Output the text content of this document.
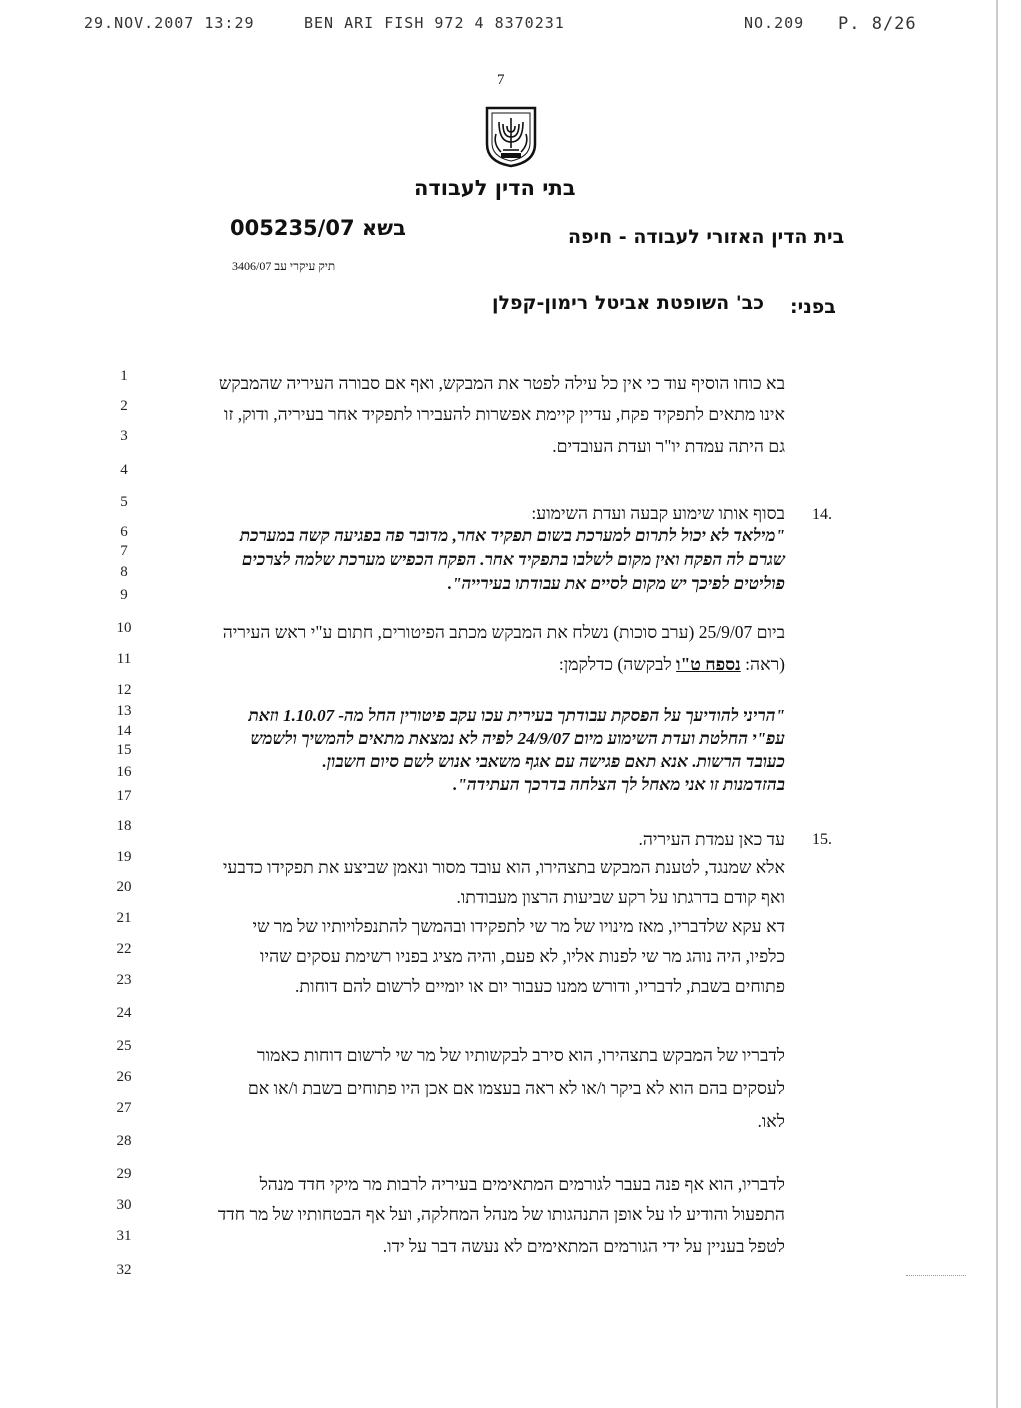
29.NOV.2007 13:29	BEN ARI FISH 972 4 8370231	NO.209 P. 8/26
7
בתי הדין לעבודה
בית הדין האזורי לעבודה - חיפה
בשא 005235/07
תיק עיקרי עב 3406/07
בפני:
כב' השופטת אביטל רימון-קפלן
1
2
3
4
5
6
7
8
9
10
11
12
13
14
15
16
17
18
19
20
21
22
23
24
25
26
27
28
29
30
31
32
14.
15.
בא כוחו הוסיף עוד כי אין כל עילה לפטר את המבקש, ואף אם סבורה העיריה שהמבקש
אינו מתאים לתפקיד פקח, עדיין קיימת אפשרות להעבירו לתפקיד אחר בעיריה, ודוק, זו
גם היתה עמדת יו"ר ועדת העובדים.
בסוף אותו שימוע קבעה ועדת השימוע:
"מילאד לא יכול לתרום למערכת בשום תפקיד אחר, מדובר פה בפגיעה קשה במערכת
שגרם לה הפקח ואין מקום לשלבו בתפקיד אחר. הפקח הכפיש מערכת שלמה לצרכים
פוליטים לפיכך יש מקום לסיים את עבודתו בעירייה".
ביום 25/9/07 (ערב סוכות) נשלח את המבקש מכתב הפיטורים, חתום ע"י ראש העיריה
(ראה: נספח ט"ו לבקשה) כדלקמן:
"הריני להודיעך על הפסקת עבודתך בעירית עכו עקב פיטורין החל מה- 1.10.07 וזאת
עפ"י החלטת ועדת השימוע מיום 24/9/07 לפיה לא נמצאת מתאים להמשיך ולשמש
כעובד הרשות. אנא תאם פגישה עם אגף משאבי אנוש לשם סיום חשבון.
בהזדמנות זו אני מאחל לך הצלחה בדרכך העתידה".
עד כאן עמדת העיריה.
אלא שמנגד, לטענת המבקש בתצהירו, הוא עובד מסור ונאמן שביצע את תפקידו כדבעי
ואף קודם בדרגתו על רקע שביעות הרצון מעבודתו.
דא עקא שלדבריו, מאז מינויו של מר שי לתפקידו ובהמשך להתנפלויותיו של מר שי
כלפיו, היה נוהג מר שי לפנות אליו, לא פעם, והיה מציג בפניו רשימת עסקים שהיו
פתוחים בשבת, לדבריו, ודורש ממנו כעבור יום או יומיים לרשום להם דוחות.
לדבריו של המבקש בתצהירו, הוא סירב לבקשותיו של מר שי לרשום דוחות כאמור
לעסקים בהם הוא לא ביקר ו/או לא ראה בעצמו אם אכן היו פתוחים בשבת ו/או אם
לאו.
לדבריו, הוא אף פנה בעבר לגורמים המתאימים בעיריה לרבות מר מיקי חדד מנהל
התפעול והודיע לו על אופן התנהגותו של מנהל המחלקה, ועל אף הבטחותיו של מר חדד
לטפל בעניין על ידי הגורמים המתאימים לא נעשה דבר על ידו.
